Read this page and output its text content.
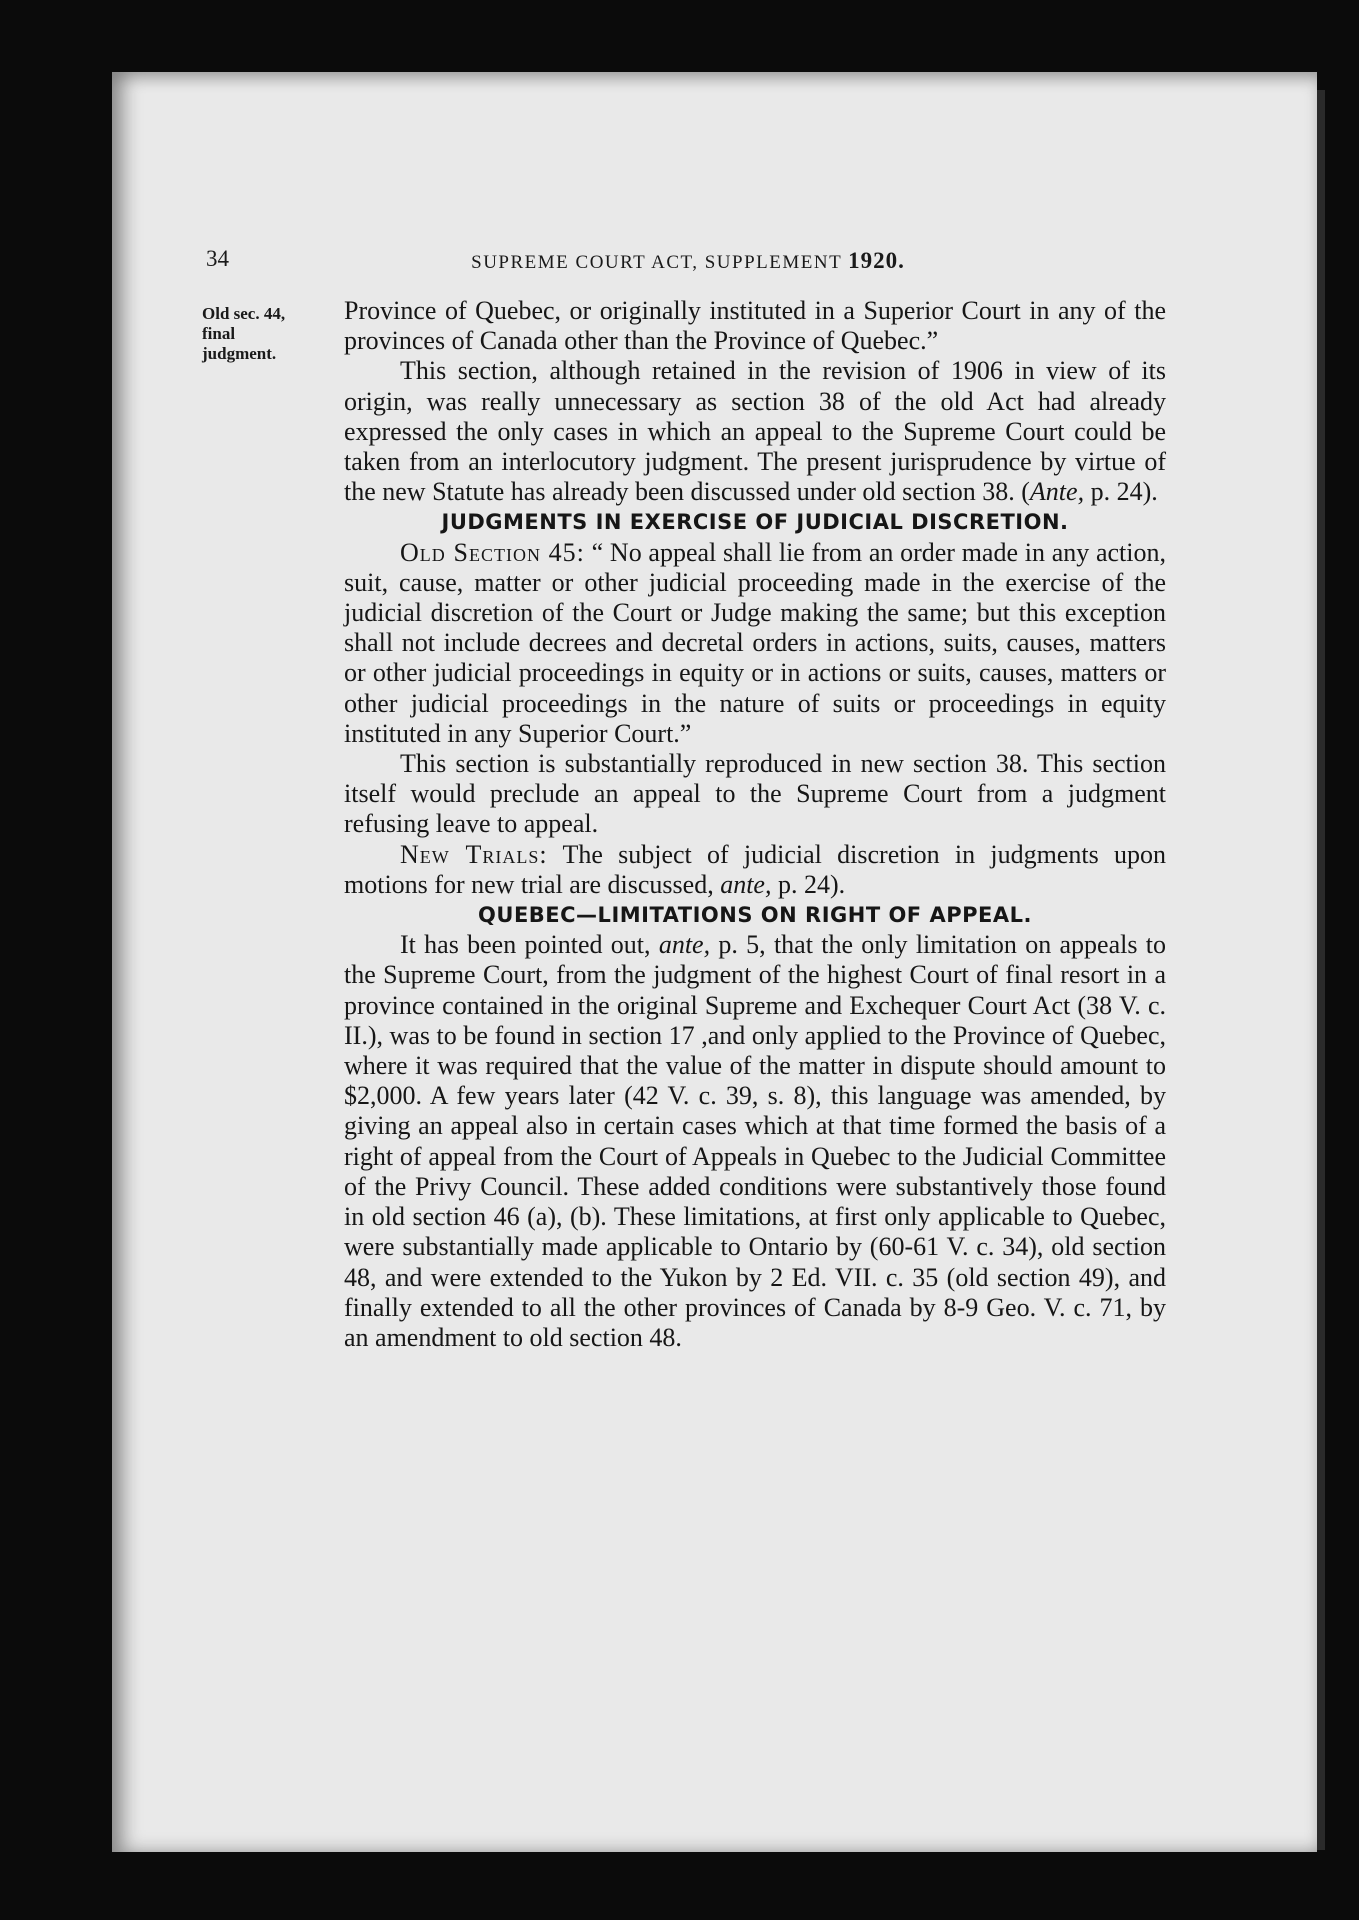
34	SUPREME COURT ACT, SUPPLEMENT 1920.
Old sec. 44,
final
judgment.

Province of Quebec, or originally instituted in a Superior Court in any of the provinces of Canada other than the Province of Quebec.”

This section, although retained in the revision of 1906 in view of its origin, was really unnecessary as section 38 of the old Act had already expressed the only cases in which an appeal to the Supreme Court could be taken from an interlocutory judgment. The present jurisprudence by virtue of the new Statute has already been discussed under old section 38. (Ante, p. 24).

JUDGMENTS IN EXERCISE OF JUDICIAL DISCRETION.

Old Section 45: “ No appeal shall lie from an order made in any action, suit, cause, matter or other judicial proceeding made in the exercise of the judicial discretion of the Court or Judge making the same; but this exception shall not include decrees and decretal orders in actions, suits, causes, matters or other judicial proceedings in equity or in actions or suits, causes, matters or other judicial proceedings in the nature of suits or proceedings in equity instituted in any Superior Court.”

This section is substantially reproduced in new section 38. This section itself would preclude an appeal to the Supreme Court from a judgment refusing leave to appeal.

New Trials: The subject of judicial discretion in judgments upon motions for new trial are discussed, ante, p. 24).

QUEBEC—LIMITATIONS ON RIGHT OF APPEAL.

It has been pointed out, ante, p. 5, that the only limitation on appeals to the Supreme Court, from the judgment of the highest Court of final resort in a province contained in the original Supreme and Exchequer Court Act (38 V. c. II.), was to be found in section 17 ,and only applied to the Province of Quebec, where it was required that the value of the matter in dispute should amount to $2,000. A few years later (42 V. c. 39, s. 8), this language was amended, by giving an appeal also in certain cases which at that time formed the basis of a right of appeal from the Court of Appeals in Quebec to the Judicial Committee of the Privy Council. These added conditions were substantively those found in old section 46 (a), (b). These limitations, at first only applicable to Quebec, were substantially made applicable to Ontario by (60-61 V. c. 34), old section 48, and were extended to the Yukon by 2 Ed. VII. c. 35 (old section 49), and finally extended to all the other provinces of Canada by 8-9 Geo. V. c. 71, by an amendment to old section 48.
